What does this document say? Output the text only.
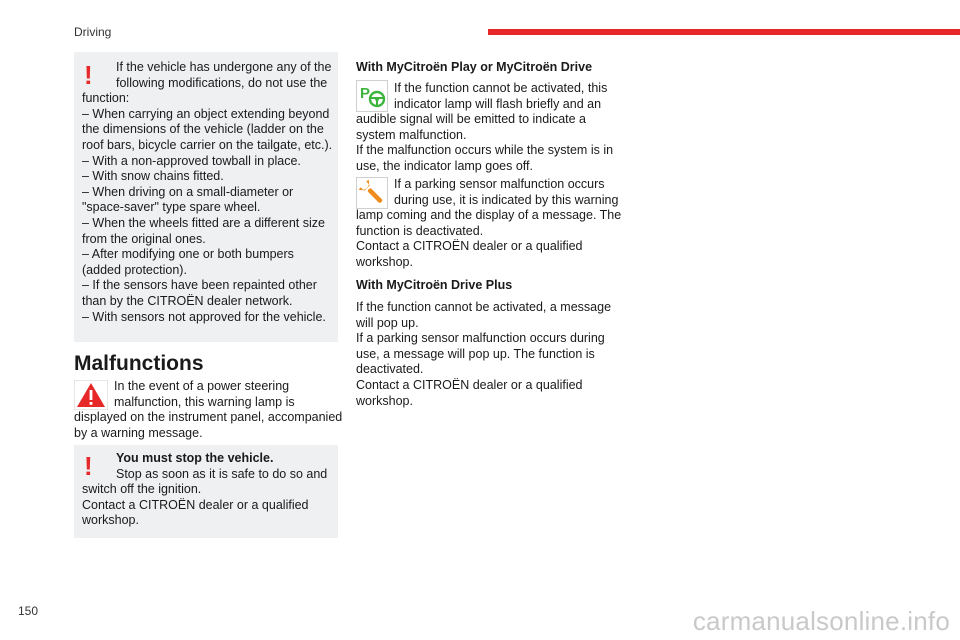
Driving
!	If the vehicle has undergone any of the
following modifications, do not use the
function:
– When carrying an object extending beyond
the dimensions of the vehicle (ladder on the
roof bars, bicycle carrier on the tailgate, etc.).
– With a non-approved towball in place.
– With snow chains fitted.
– When driving on a small-diameter or
"space-saver" type spare wheel.
– When the wheels fitted are a different size
from the original ones.
– After modifying one or both bumpers
(added protection).
– If the sensors have been repainted other
than by the CITROËN dealer network.
– With sensors not approved for the vehicle.
Malfunctions
In the event of a power steering
malfunction, this warning lamp is
displayed on the instrument panel, accompanied
by a warning message.
!	You must stop the vehicle.
Stop as soon as it is safe to do so and
switch off the ignition.
Contact a CITROËN dealer or a qualified
workshop.
With MyCitroën Play or MyCitroën Drive
P	If the function cannot be activated, this
indicator lamp will flash briefly and an
audible signal will be emitted to indicate a
system malfunction.
If the malfunction occurs while the system is in
use, the indicator lamp goes off.
If a parking sensor malfunction occurs
during use, it is indicated by this warning
lamp coming and the display of a message. The
function is deactivated.
Contact a CITROËN dealer or a qualified
workshop.
With MyCitroën Drive Plus
If the function cannot be activated, a message
will pop up.
If a parking sensor malfunction occurs during
use, a message will pop up. The function is
deactivated.
Contact a CITROËN dealer or a qualified
workshop.
150	carmanualsonline.info
